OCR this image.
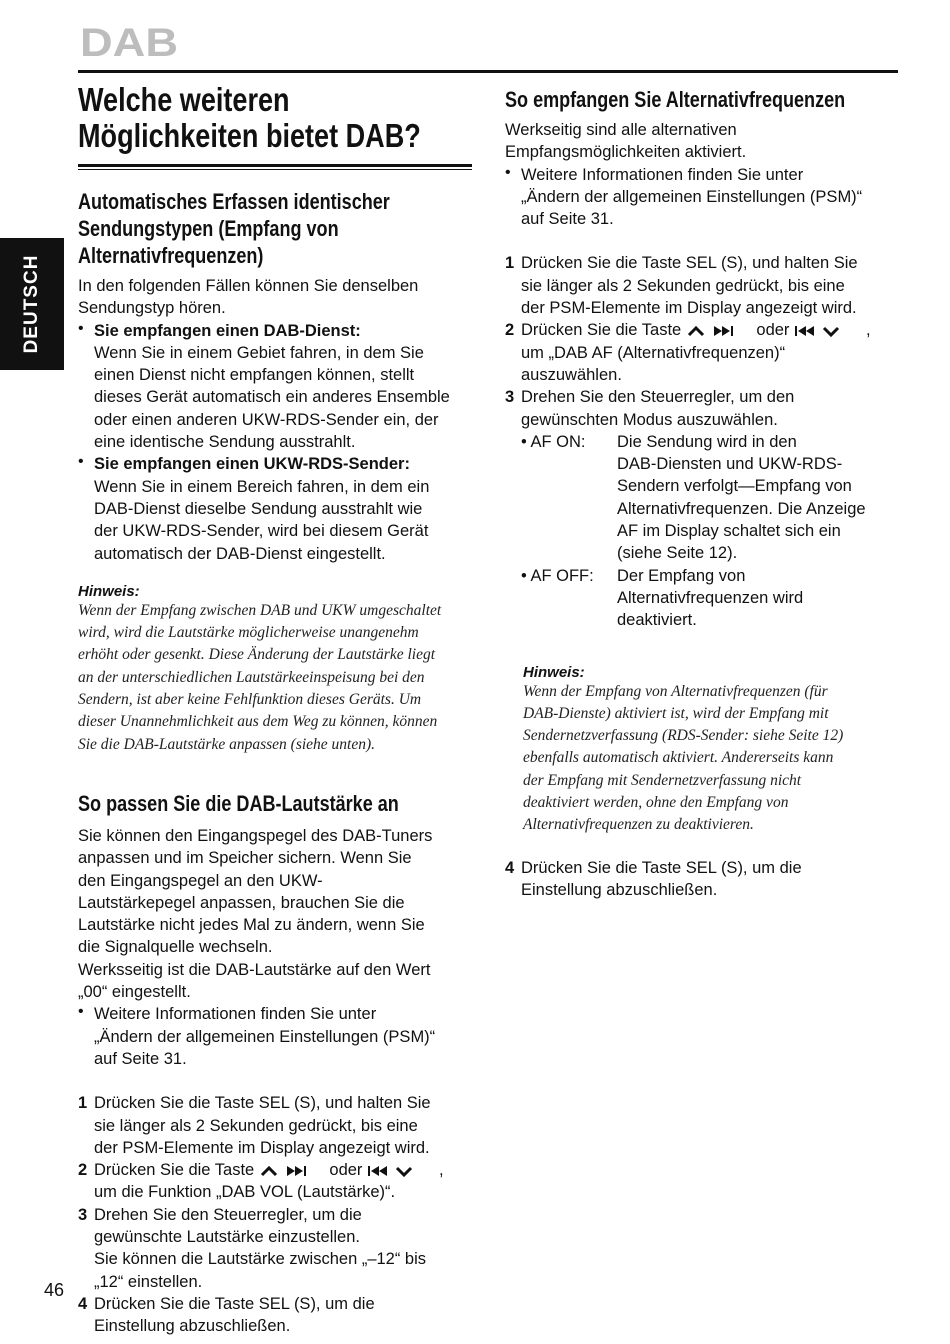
DAB
DEUTSCH
Welche weiteren
Möglichkeiten bietet DAB?
Automatisches Erfassen identischer
Sendungstypen (Empfang von
Alternativfrequenzen)
In den folgenden Fällen können Sie denselben
Sendungstyp hören.
• Sie empfangen einen DAB-Dienst:
Wenn Sie in einem Gebiet fahren, in dem Sie
einen Dienst nicht empfangen können, stellt
dieses Gerät automatisch ein anderes Ensemble
oder einen anderen UKW-RDS-Sender ein, der
eine identische Sendung ausstrahlt.
• Sie empfangen einen UKW-RDS-Sender:
Wenn Sie in einem Bereich fahren, in dem ein
DAB-Dienst dieselbe Sendung ausstrahlt wie
der UKW-RDS-Sender, wird bei diesem Gerät
automatisch der DAB-Dienst eingestellt.
Hinweis:
Wenn der Empfang zwischen DAB und UKW umgeschaltet
wird, wird die Lautstärke möglicherweise unangenehm
erhöht oder gesenkt. Diese Änderung der Lautstärke liegt
an der unterschiedlichen Lautstärkeeinspeisung bei den
Sendern, ist aber keine Fehlfunktion dieses Geräts. Um
dieser Unannehmlichkeit aus dem Weg zu können, können
Sie die DAB-Lautstärke anpassen (siehe unten).
So passen Sie die DAB-Lautstärke an
Sie können den Eingangspegel des DAB-Tuners
anpassen und im Speicher sichern. Wenn Sie
den Eingangspegel an den UKW-
Lautstärkepegel anpassen, brauchen Sie die
Lautstärke nicht jedes Mal zu ändern, wenn Sie
die Signalquelle wechseln.
Werksseitig ist die DAB-Lautstärke auf den Wert
„00“ eingestellt.
• Weitere Informationen finden Sie unter
„Ändern der allgemeinen Einstellungen (PSM)“
auf Seite 31.
1 Drücken Sie die Taste SEL (S), und halten Sie
sie länger als 2 Sekunden gedrückt, bis eine
der PSM-Elemente im Display angezeigt wird.
2 Drücken Sie die Taste	oder	,
um die Funktion „DAB VOL (Lautstärke)“.
3 Drehen Sie den Steuerregler, um die
gewünschte Lautstärke einzustellen.
Sie können die Lautstärke zwischen „–12“ bis
„12“ einstellen.
4 Drücken Sie die Taste SEL (S), um die
Einstellung abzuschließen.
So empfangen Sie Alternativfrequenzen
Werkseitig sind alle alternativen
Empfangsmöglichkeiten aktiviert.
• Weitere Informationen finden Sie unter
„Ändern der allgemeinen Einstellungen (PSM)“
auf Seite 31.
1 Drücken Sie die Taste SEL (S), und halten Sie
sie länger als 2 Sekunden gedrückt, bis eine
der PSM-Elemente im Display angezeigt wird.
2 Drücken Sie die Taste	oder	,
um „DAB AF (Alternativfrequenzen)“
auszuwählen.
3 Drehen Sie den Steuerregler, um den
gewünschten Modus auszuwählen.
• AF ON: Die Sendung wird in den
DAB-Diensten und UKW-RDS-
Sendern verfolgt—Empfang von
Alternativfrequenzen. Die Anzeige
AF im Display schaltet sich ein
(siehe Seite 12).
• AF OFF: Der Empfang von
Alternativfrequenzen wird
deaktiviert.
Hinweis:
Wenn der Empfang von Alternativfrequenzen (für
DAB-Dienste) aktiviert ist, wird der Empfang mit
Sendernetzverfassung (RDS-Sender: siehe Seite 12)
ebenfalls automatisch aktiviert. Andererseits kann
der Empfang mit Sendernetzverfassung nicht
deaktiviert werden, ohne den Empfang von
Alternativfrequenzen zu deaktivieren.
4 Drücken Sie die Taste SEL (S), um die
Einstellung abzuschließen.
46
